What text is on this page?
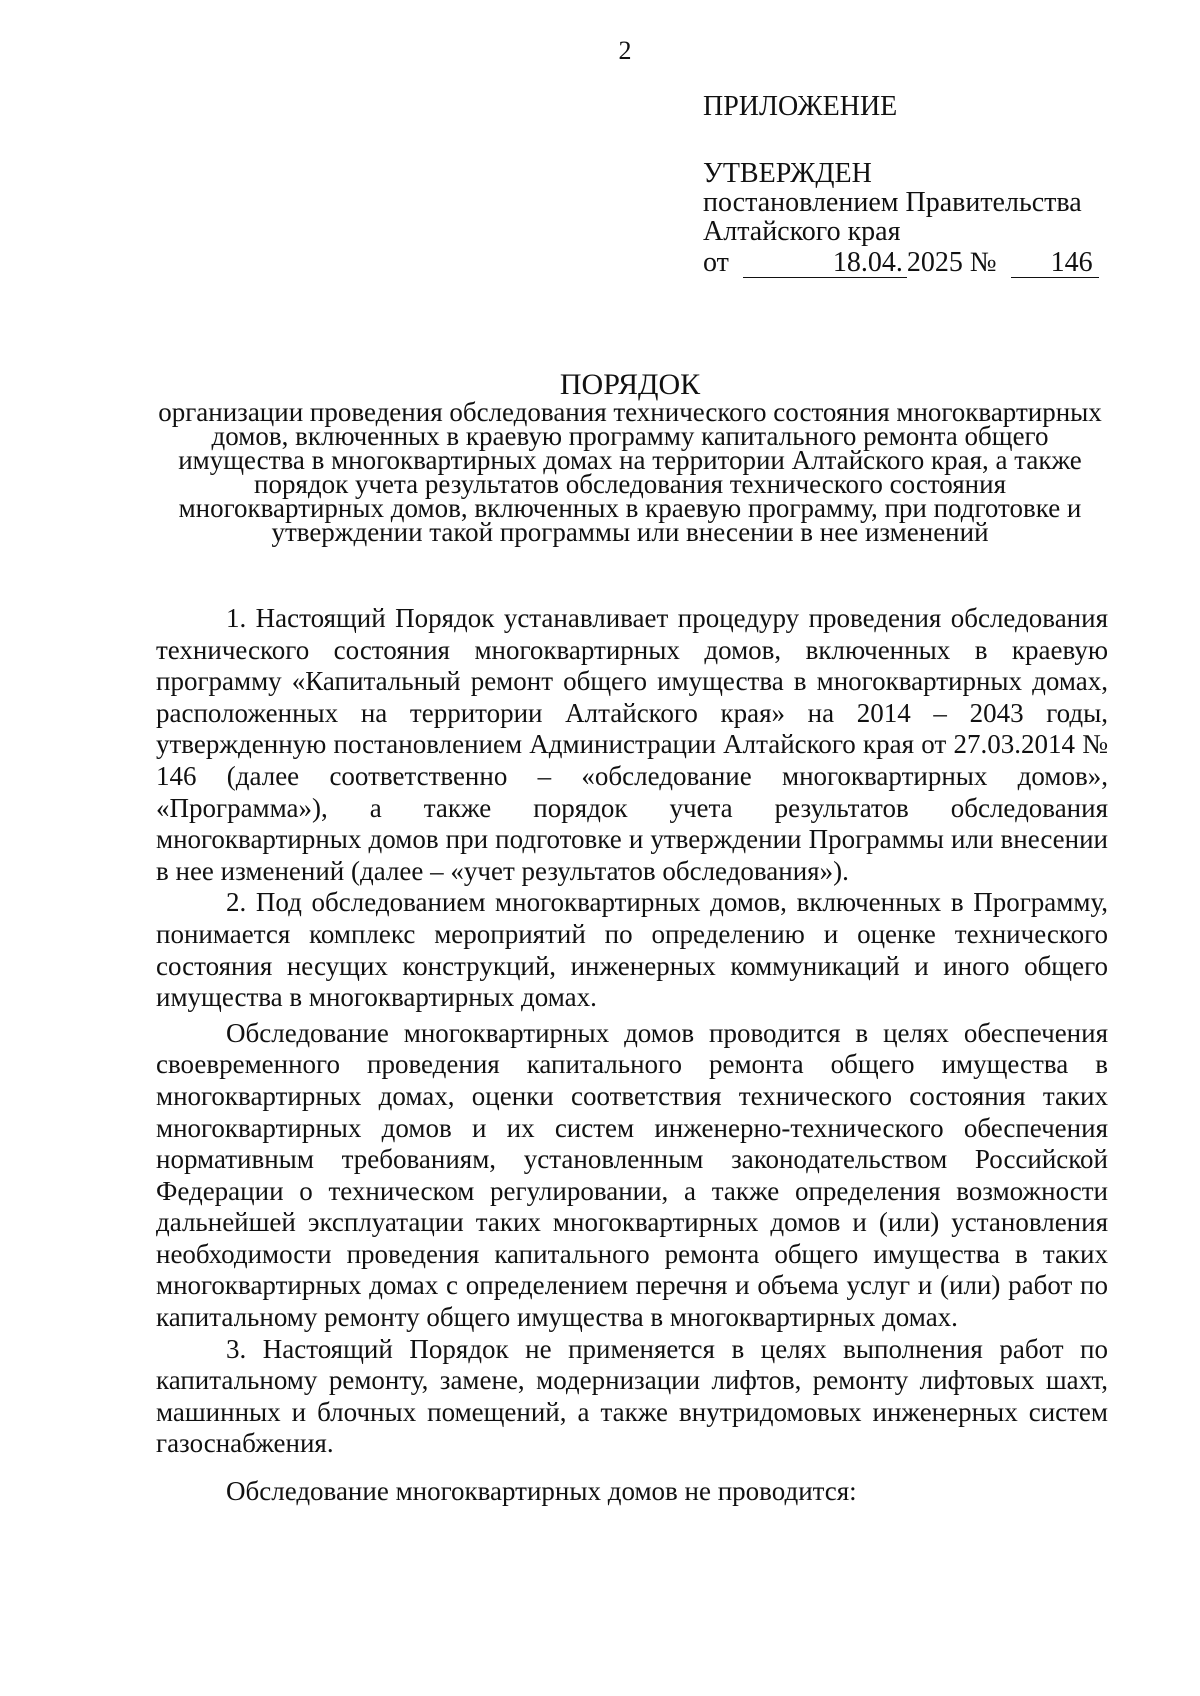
2
ПРИЛОЖЕНИЕ
УТВЕРЖДЕН
постановлением Правительства
Алтайского края
от	18.04. 2025 № 146
ПОРЯДОК
организации проведения обследования технического состояния многоквартирных домов, включенных в краевую программу капитального ремонта общего имущества в многоквартирных домах на территории Алтайского края, а также порядок учета результатов обследования технического состояния многоквартирных домов, включенных в краевую программу, при подготовке и утверждении такой программы или внесении в нее изменений

1. Настоящий Порядок устанавливает процедуру проведения обследования технического состояния многоквартирных домов, включенных в краевую программу «Капитальный ремонт общего имущества в многоквартирных домах, расположенных на территории Алтайского края» на 2014 – 2043 годы, утвержденную постановлением Администрации Алтайского края от 27.03.2014 № 146 (далее соответственно – «обследование многоквартирных домов», «Программа»), а также порядок учета результатов обследования многоквартирных домов при подготовке и утверждении Программы или внесении в нее изменений (далее – «учет результатов обследования»).

2. Под обследованием многоквартирных домов, включенных в Программу, понимается комплекс мероприятий по определению и оценке технического состояния несущих конструкций, инженерных коммуникаций и иного общего имущества в многоквартирных домах.

Обследование многоквартирных домов проводится в целях обеспечения своевременного проведения капитального ремонта общего имущества в многоквартирных домах, оценки соответствия технического состояния таких многоквартирных домов и их систем инженерно-технического обеспечения нормативным требованиям, установленным законодательством Российской Федерации о техническом регулировании, а также определения возможности дальнейшей эксплуатации таких многоквартирных домов и (или) установления необходимости проведения капитального ремонта общего имущества в таких многоквартирных домах с определением перечня и объема услуг и (или) работ по капитальному ремонту общего имущества в многоквартирных домах.

3. Настоящий Порядок не применяется в целях выполнения работ по капитальному ремонту, замене, модернизации лифтов, ремонту лифтовых шахт, машинных и блочных помещений, а также внутридомовых инженерных систем газоснабжения.

Обследование многоквартирных домов не проводится:
